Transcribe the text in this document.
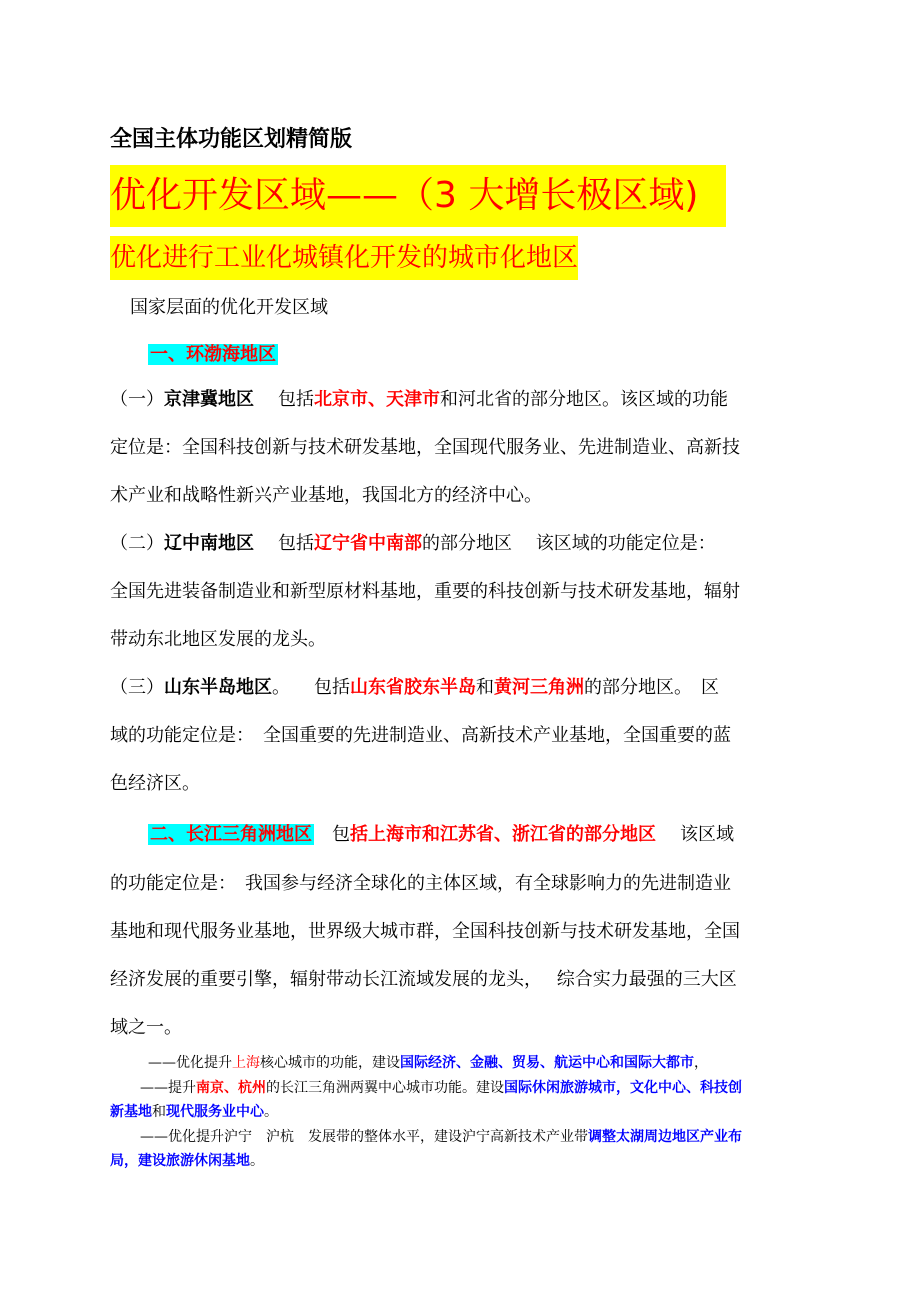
全国主体功能区划精简版
优化开发区域——（3 大增长极区域)
优化进行工业化城镇化开发的城市化地区
国家层面的优化开发区域
一、环渤海地区
（一）京津冀地区 包括北京市、天津市和河北省的部分地区。该区域的功能
定位是：全国科技创新与技术研发基地，全国现代服务业、先进制造业、高新技
术产业和战略性新兴产业基地，我国北方的经济中心。
（二）辽中南地区 包括辽宁省中南部的部分地区　 该区域的功能定位是：
全国先进装备制造业和新型原材料基地，重要的科技创新与技术研发基地，辐射
带动东北地区发展的龙头。
（三）山东半岛地区。 包括山东省胶东半岛和黄河三角洲的部分地区。　区
域的功能定位是：　全国重要的先进制造业、高新技术产业基地，全国重要的蓝
色经济区。
二、长江三角洲地区 包括上海市和江苏省、浙江省的部分地区 该区域
的功能定位是：　我国参与经济全球化的主体区域，有全球影响力的先进制造业
基地和现代服务业基地，世界级大城市群，全国科技创新与技术研发基地，全国
经济发展的重要引擎，辐射带动长江流域发展的龙头，　 综合实力最强的三大区
域之一。
——优化提升上海核心城市的功能，建设国际经济、金融、贸易、航运中心和国际大都市，
——提升南京、杭州的长江三角洲两翼中心城市功能。建设国际休闲旅游城市，文化中心、科技创
新基地和现代服务业中心。
——优化提升沪宁　沪杭　发展带的整体水平，建设沪宁高新技术产业带调整太湖周边地区产业布
局，建设旅游休闲基地。
